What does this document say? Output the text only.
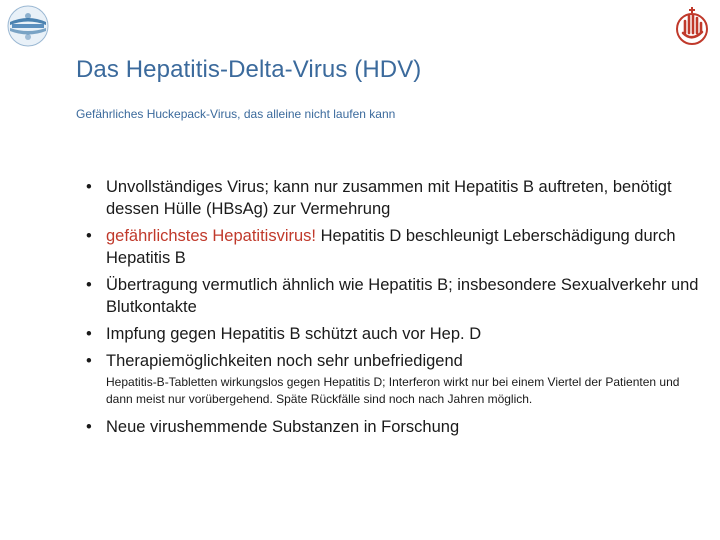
Das Hepatitis-Delta-Virus (HDV)
Gefährliches Huckepack-Virus, das alleine nicht laufen kann
• Unvollständiges Virus; kann nur zusammen mit Hepatitis B auftreten, benötigt dessen Hülle (HBsAg) zur Vermehrung
• gefährlichstes Hepatitisvirus! Hepatitis D beschleunigt Leberschädigung durch Hepatitis B
• Übertragung vermutlich ähnlich wie Hepatitis B; insbesondere Sexualverkehr und Blutkontakte
• Impfung gegen Hepatitis B schützt auch vor Hep. D
• Therapiemöglichkeiten noch sehr unbefriedigend
Hepatitis-B-Tabletten wirkungslos gegen Hepatitis D; Interferon wirkt nur bei einem Viertel der Patienten und dann meist nur vorübergehend. Späte Rückfälle sind noch nach Jahren möglich.
• Neue virushemmende Substanzen in Forschung
